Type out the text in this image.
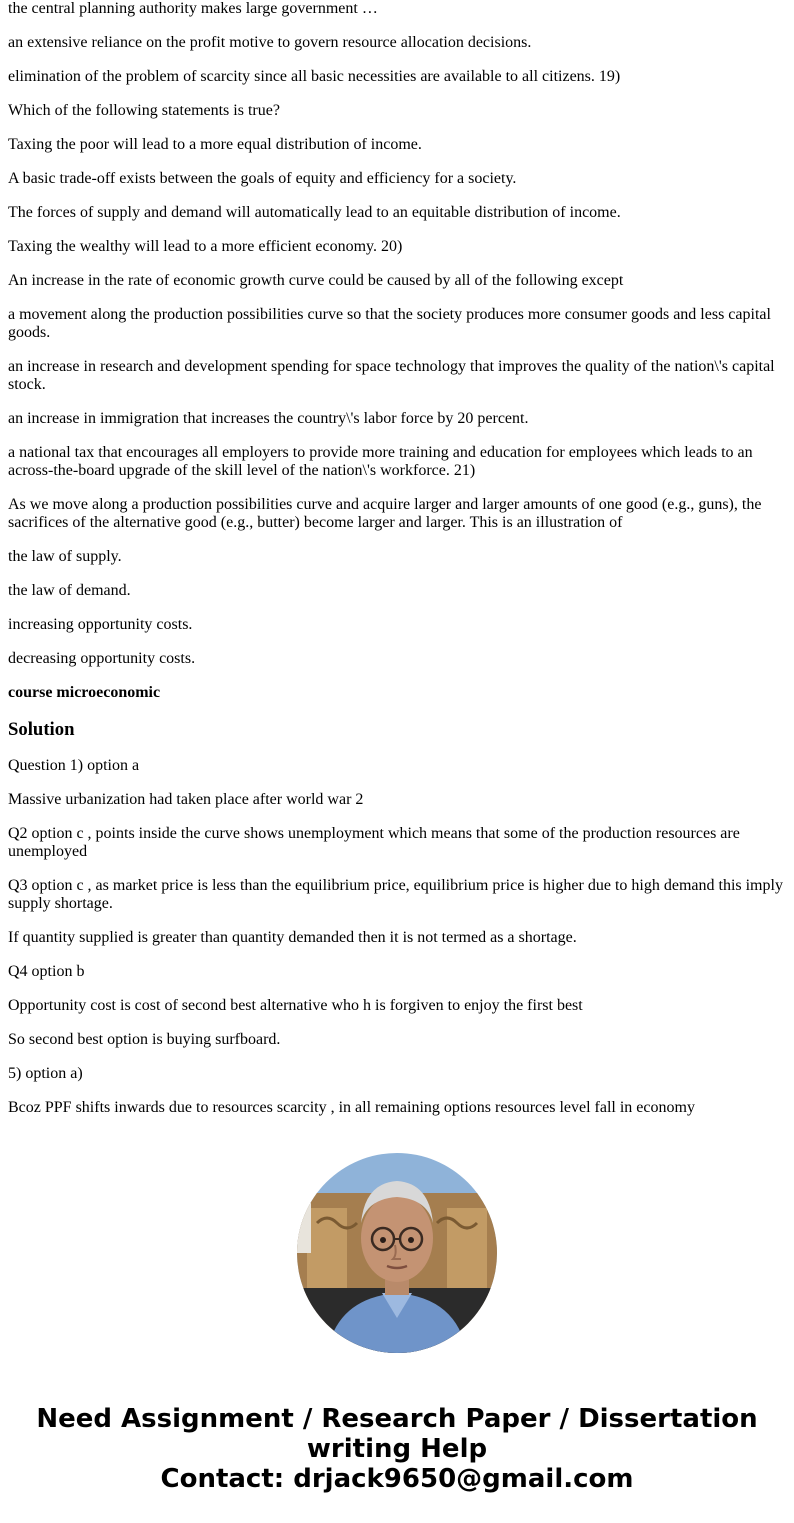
the central planning authority makes large government …

an extensive reliance on the profit motive to govern resource allocation decisions.

elimination of the problem of scarcity since all basic necessities are available to all citizens. 19)

Which of the following statements is true?

Taxing the poor will lead to a more equal distribution of income.

A basic trade-off exists between the goals of equity and efficiency for a society.

The forces of supply and demand will automatically lead to an equitable distribution of income.

Taxing the wealthy will lead to a more efficient economy. 20)

An increase in the rate of economic growth curve could be caused by all of the following except

a movement along the production possibilities curve so that the society produces more consumer goods and less capital goods.

an increase in research and development spending for space technology that improves the quality of the nation\'s capital stock.

an increase in immigration that increases the country\'s labor force by 20 percent.

a national tax that encourages all employers to provide more training and education for employees which leads to an across-the-board upgrade of the skill level of the nation\'s workforce. 21)

As we move along a production possibilities curve and acquire larger and larger amounts of one good (e.g., guns), the sacrifices of the alternative good (e.g., butter) become larger and larger. This is an illustration of

the law of supply.

the law of demand.

increasing opportunity costs.

decreasing opportunity costs.

course microeconomic

Solution

Question 1) option a

Massive urbanization had taken place after world war 2

Q2 option c , points inside the curve shows unemployment which means that some of the production resources are unemployed

Q3 option c , as market price is less than the equilibrium price, equilibrium price is higher due to high demand this imply supply shortage.

If quantity supplied is greater than quantity demanded then it is not termed as a shortage.

Q4 option b

Opportunity cost is cost of second best alternative who h is forgiven to enjoy the first best

So second best option is buying surfboard.

5) option a)

Bcoz PPF shifts inwards due to resources scarcity , in all remaining options resources level fall in economy

Need Assignment / Research Paper / Dissertation
writing Help
Contact: drjack9650@gmail.com
